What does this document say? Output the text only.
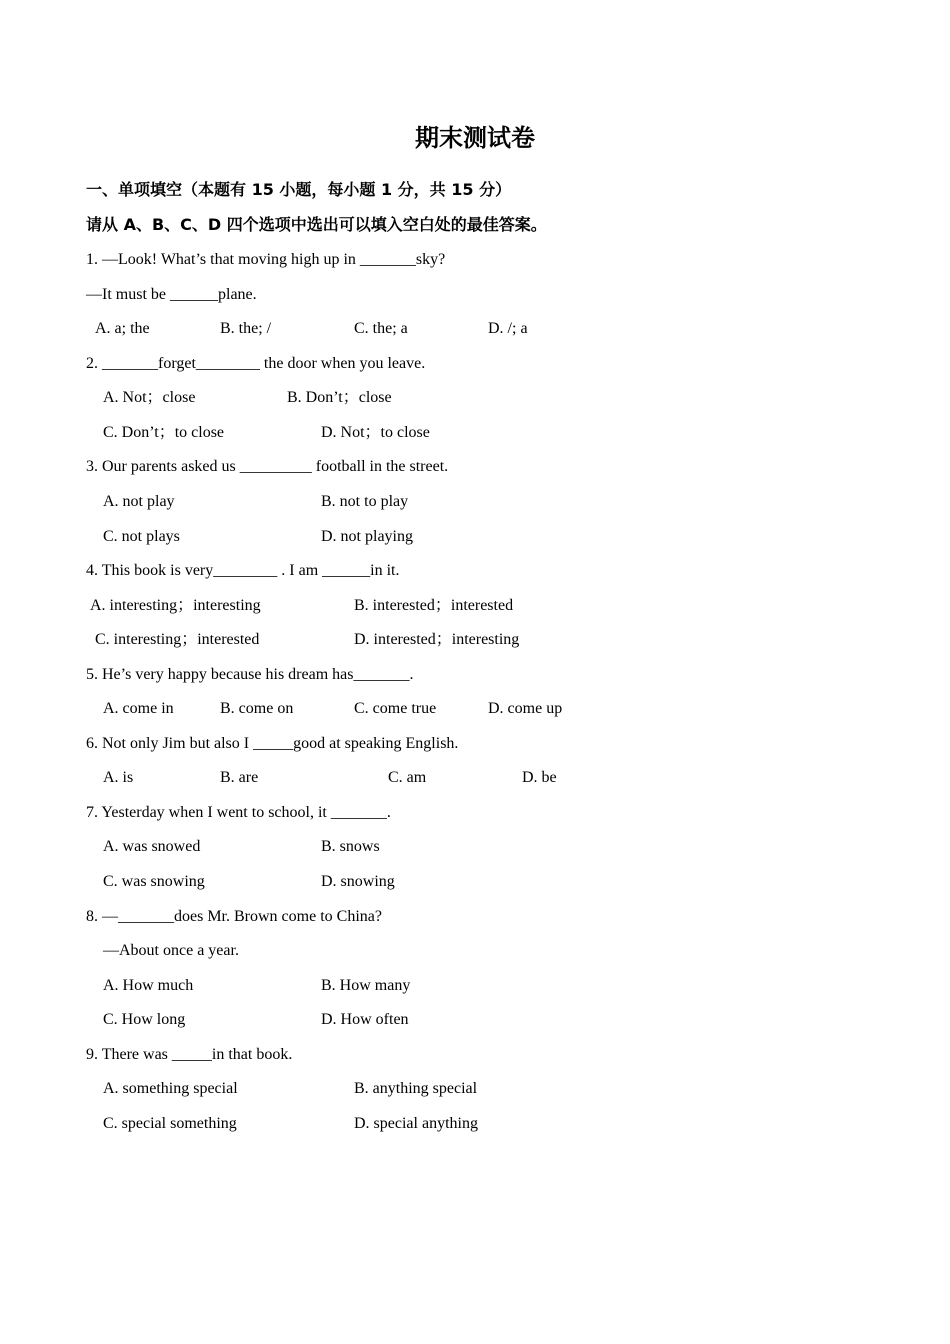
期末测试卷
一、单项填空（本题有 15 小题，每小题 1 分，共 15 分）
请从 A、B、C、D 四个选项中选出可以填入空白处的最佳答案。
1. —Look! What’s that moving high up in _______sky?
—It must be ______plane.
A. a; the	B. the; /	C. the; a	D. /; a
2. _______forget________ the door when you leave.
A. Not；close	B. Don’t；close
C. Don’t；to close	D. Not；to close
3. Our parents asked us _________ football in the street.
A. not play	B. not to play
C. not plays	D. not playing
4. This book is very________ . I am ______in it.
A. interesting；interesting	B. interested；interested
C. interesting；interested	D. interested；interesting
5. He’s very happy because his dream has_______.
A. come in	B. come on	C. come true	D. come up
6. Not only Jim but also I _____good at speaking English.
A. is	B. are	C. am	D. be
7. Yesterday when I went to school, it _______.
A. was snowed	B. snows
C. was snowing	D. snowing
8. —_______does Mr. Brown come to China?
—About once a year.
A. How much	B. How many
C. How long	D. How often
9. There was _____in that book.
A. something special	B. anything special
C. special something	D. special anything
